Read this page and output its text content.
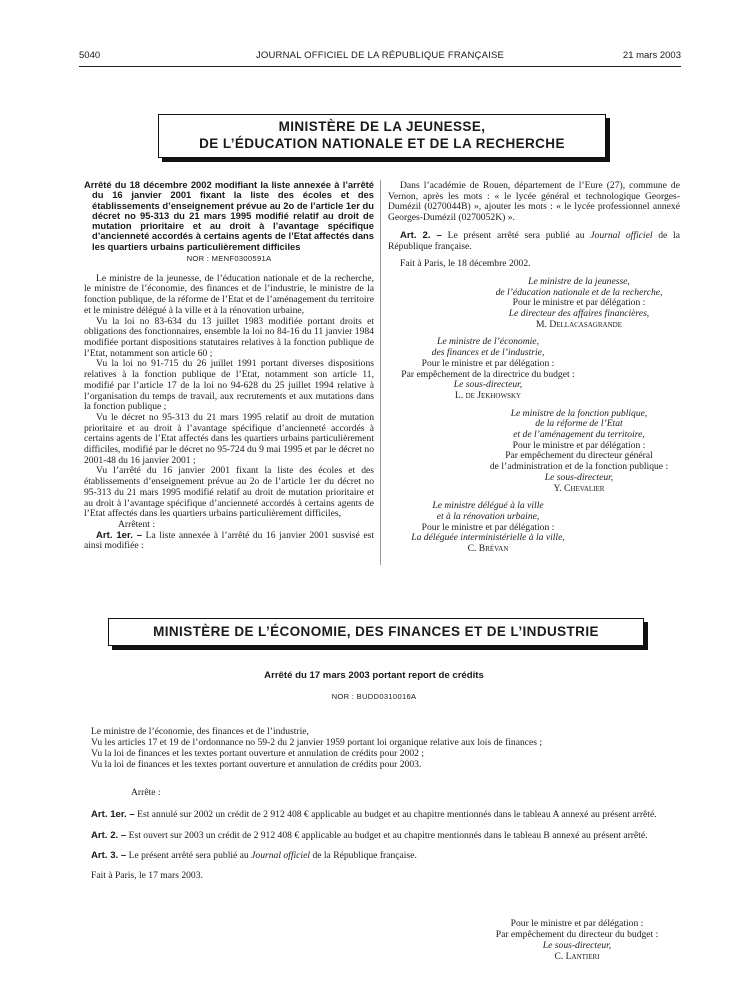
5040	JOURNAL OFFICIEL DE LA RÉPUBLIQUE FRANÇAISE	21 mars 2003
MINISTÈRE DE LA JEUNESSE,
DE L’ÉDUCATION NATIONALE ET DE LA RECHERCHE

Arrêté du 18 décembre 2002 modifiant la liste annexée à l’arrêté du 16 janvier 2001 fixant la liste des écoles et des établissements d’enseignement prévue au 2o de l’article 1er du décret no 95-313 du 21 mars 1995 modifié relatif au droit de mutation prioritaire et au droit à l’avantage spécifique d’ancienneté accordés à certains agents de l’Etat affectés dans les quartiers urbains particulièrement difficiles

NOR : MENF0300591A

Le ministre de la jeunesse, de l’éducation nationale et de la recherche, le ministre de l’économie, des finances et de l’industrie, le ministre de la fonction publique, de la réforme de l’Etat et de l’aménagement du territoire et le ministre délégué à la ville et à la rénovation urbaine,

Vu la loi no 83-634 du 13 juillet 1983 modifiée portant droits et obligations des fonctionnaires, ensemble la loi no 84-16 du 11 janvier 1984 modifiée portant dispositions statutaires relatives à la fonction publique de l’Etat, notamment son article 60 ;

Vu la loi no 91-715 du 26 juillet 1991 portant diverses dispositions relatives à la fonction publique de l’Etat, notamment son article 11, modifié par l’article 17 de la loi no 94-628 du 25 juillet 1994 relative à l’organisation du temps de travail, aux recrutements et aux mutations dans la fonction publique ;

Vu le décret no 95-313 du 21 mars 1995 relatif au droit de mutation prioritaire et au droit à l’avantage spécifique d’ancienneté accordés à certains agents de l’Etat affectés dans les quartiers urbains particulièrement difficiles, modifié par le décret no 95-724 du 9 mai 1995 et par le décret no 2001-48 du 16 janvier 2001 ;

Vu l’arrêté du 16 janvier 2001 fixant la liste des écoles et des établissements d’enseignement prévue au 2o de l’article 1er du décret no 95-313 du 21 mars 1995 modifié relatif au droit de mutation prioritaire et au droit à l’avantage spécifique d’ancienneté accordés à certains agents de l’Etat affectés dans les quartiers urbains particulièrement difficiles,

Arrêtent :

Art. 1er. – La liste annexée à l’arrêté du 16 janvier 2001 susvisé est ainsi modifiée :

Dans l’académie de Rouen, département de l’Eure (27), commune de Vernon, après les mots : « le lycée général et technologique Georges-Dumézil (0270044B) », ajouter les mots : « le lycée professionnel annexé Georges-Dumézil (0270052K) ».

Art. 2. – Le présent arrêté sera publié au Journal officiel de la République française.

Fait à Paris, le 18 décembre 2002.

Le ministre de la jeunesse,

de l’éducation nationale et de la recherche,

Pour le ministre et par délégation :

Le directeur des affaires financières,

M. Dellacasagrande

Le ministre de l’économie,

des finances et de l’industrie,

Pour le ministre et par délégation :

Par empêchement de la directrice du budget :

Le sous-directeur,

L. de Jekhowsky

Le ministre de la fonction publique,

de la réforme de l’Etat

et de l’aménagement du territoire,

Pour le ministre et par délégation :

Par empêchement du directeur général

de l’administration et de la fonction publique :

Le sous-directeur,

Y. Chevalier

Le ministre délégué à la ville

et à la rénovation urbaine,

Pour le ministre et par délégation :

La déléguée interministérielle à la ville,

C. Brévan

MINISTÈRE DE L’ÉCONOMIE, DES FINANCES ET DE L’INDUSTRIE
Arrêté du 17 mars 2003 portant report de crédits
NOR : BUDD0310016A

Le ministre de l’économie, des finances et de l’industrie,

Vu les articles 17 et 19 de l’ordonnance no 59-2 du 2 janvier 1959 portant loi organique relative aux lois de finances ;

Vu la loi de finances et les textes portant ouverture et annulation de crédits pour 2002 ;

Vu la loi de finances et les textes portant ouverture et annulation de crédits pour 2003.

Arrête :

Art. 1er. – Est annulé sur 2002 un crédit de 2 912 408 € applicable au budget et au chapitre mentionnés dans le tableau A annexé au présent arrêté.

Art. 2. – Est ouvert sur 2003 un crédit de 2 912 408 € applicable au budget et au chapitre mentionnés dans le tableau B annexé au présent arrêté.

Art. 3. – Le présent arrêté sera publié au Journal officiel de la République française.

Fait à Paris, le 17 mars 2003.

Pour le ministre et par délégation :
Par empêchement du directeur du budget :
Le sous-directeur,
C. Lantieri
